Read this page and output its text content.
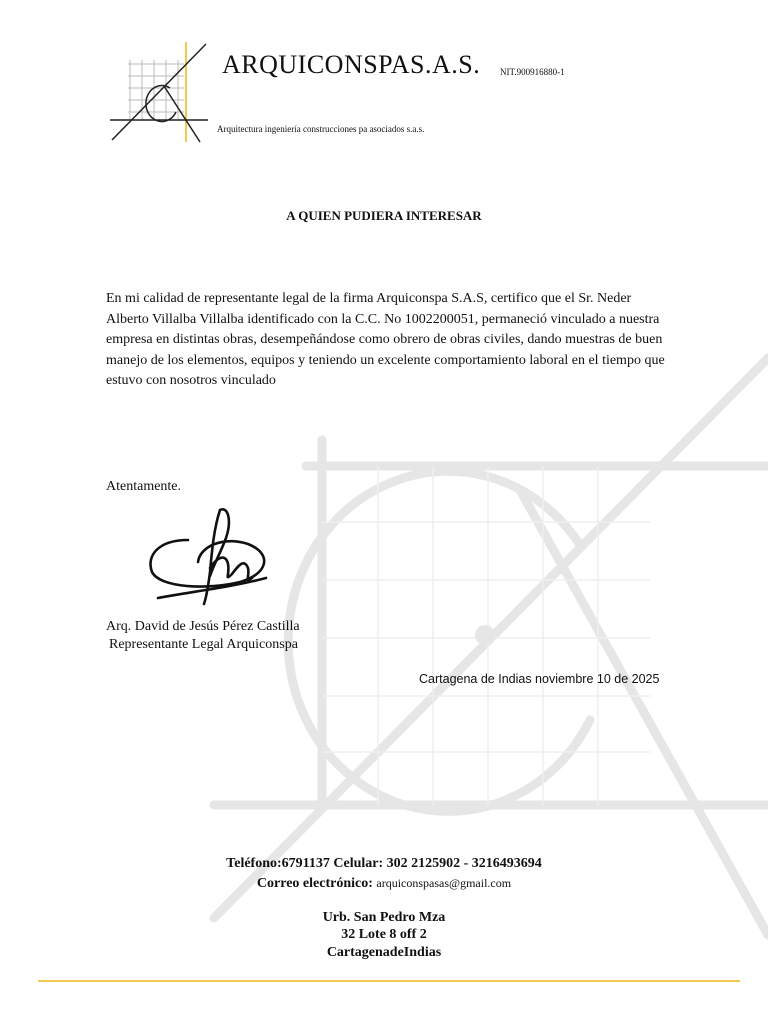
ARQUICONSPAS.A.S. NIT.900916880-1
Arquitectura ingeniería construcciones pa asociados s.a.s.
A QUIEN PUDIERA INTERESAR
En mi calidad de representante legal de la firma Arquiconspa S.A.S, certifico que el Sr. Neder Alberto Villalba Villalba identificado con la C.C. No 1002200051, permaneció vinculado a nuestra empresa en distintas obras, desempeñándose como obrero de obras civiles, dando muestras de buen manejo de los elementos, equipos y teniendo un excelente comportamiento laboral en el tiempo que estuvo con nosotros vinculado
Atentamente.
Arq. David de Jesús Pérez Castilla
Representante Legal Arquiconspa
Cartagena de Indias noviembre 10 de 2025
Teléfono:6791137 Celular: 302 2125902 - 3216493694
Correo electrónico: arquiconspasas@gmail.com
Urb. San Pedro Mza
32 Lote 8 off 2
CartagenadeIndias
